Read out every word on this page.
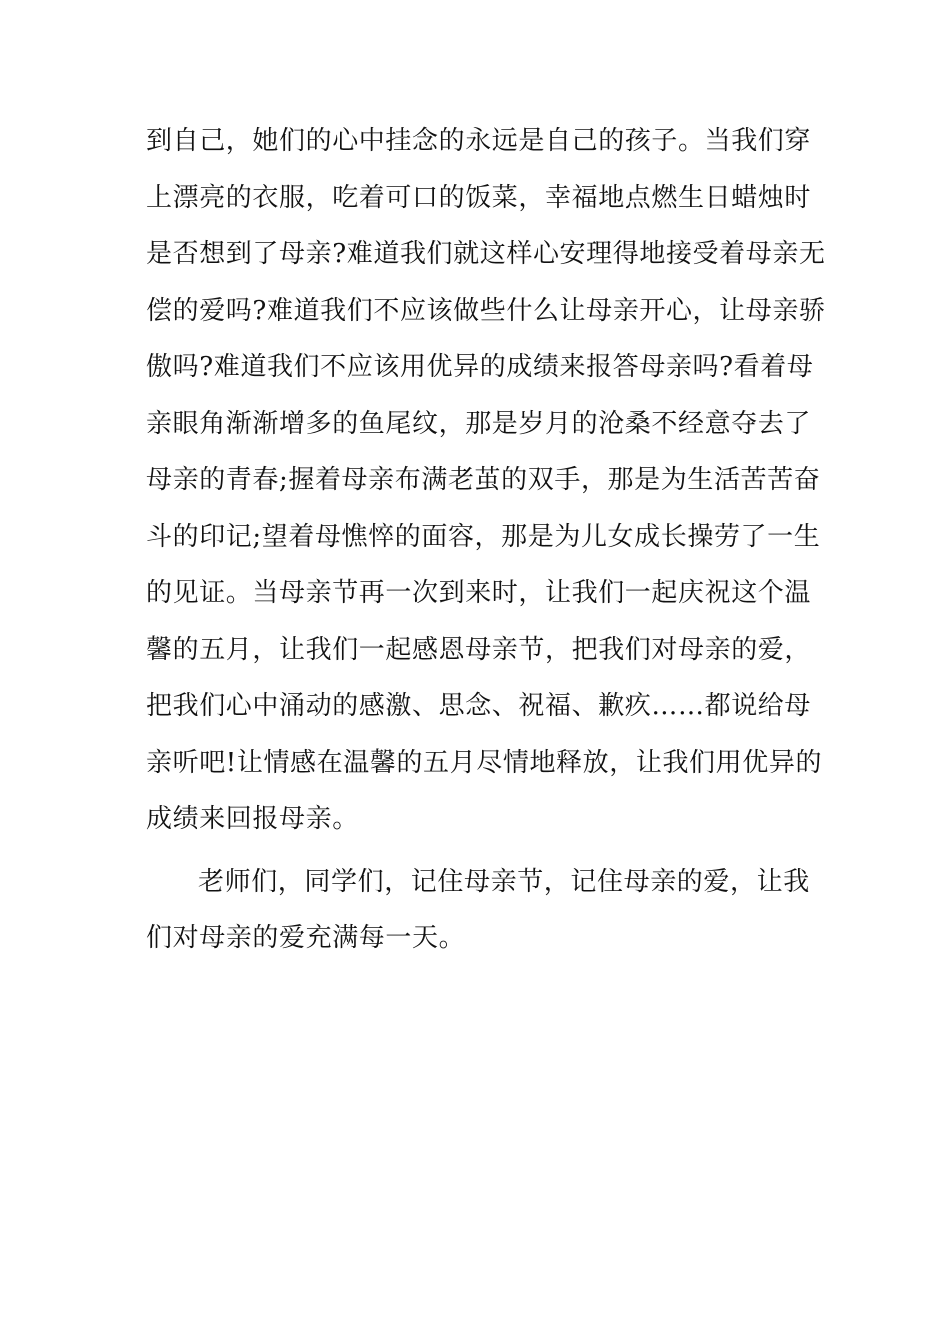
到自己，她们的心中挂念的永远是自己的孩子。当我们穿
上漂亮的衣服，吃着可口的饭菜，幸福地点燃生日蜡烛时
是否想到了母亲?难道我们就这样心安理得地接受着母亲无
偿的爱吗?难道我们不应该做些什么让母亲开心，让母亲骄
傲吗?难道我们不应该用优异的成绩来报答母亲吗?看着母
亲眼角渐渐增多的鱼尾纹，那是岁月的沧桑不经意夺去了
母亲的青春;握着母亲布满老茧的双手，那是为生活苦苦奋
斗的印记;望着母憔悴的面容，那是为儿女成长操劳了一生
的见证。当母亲节再一次到来时，让我们一起庆祝这个温
馨的五月，让我们一起感恩母亲节，把我们对母亲的爱，
把我们心中涌动的感激、思念、祝福、歉疚……都说给母
亲听吧!让情感在温馨的五月尽情地释放，让我们用优异的
成绩来回报母亲。
老师们，同学们，记住母亲节，记住母亲的爱，让我
们对母亲的爱充满每一天。
